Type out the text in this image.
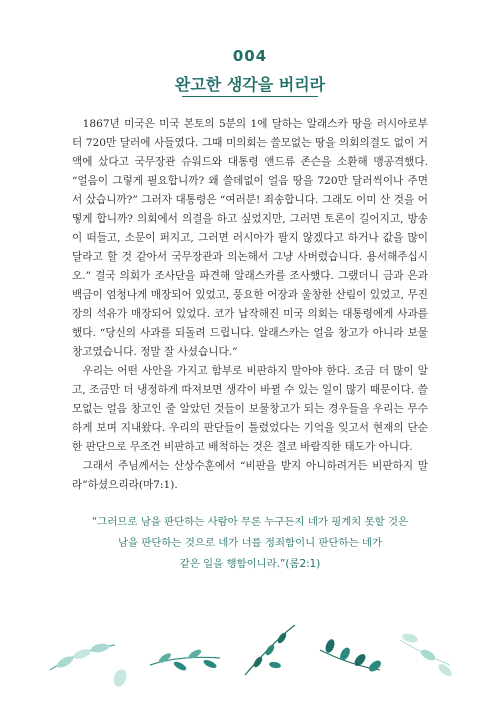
004
완고한 생각을 버리라

1867년 미국은 미국 본토의 5분의 1에 달하는 알래스카 땅을 러시아로부터 720만 달러에 사들였다. 그때 미의회는 쓸모없는 땅을 의회의결도 없이 거액에 샀다고 국무장관 슈워드와 대통령 앤드류 존슨을 소환해 맹공격했다. “얼음이 그렇게 필요합니까? 왜 쓸데없이 얼음 땅을 720만 달러씩이나 주면서 샀습니까?” 그러자 대통령은 “여러분! 죄송합니다. 그래도 이미 산 것을 어떻게 합니까? 의회에서 의결을 하고 싶었지만, 그러면 토론이 길어지고, 방송이 떠들고, 소문이 퍼지고, 그러면 러시아가 팔지 않겠다고 하거나 값을 많이 달라고 할 것 같아서 국무장관과 의논해서 그냥 사버렸습니다. 용서해주십시오.” 결국 의회가 조사단을 파견해 알래스카를 조사했다. 그랬더니 금과 은과 백금이 엄청나게 매장되어 있었고, 풍요한 어장과 울창한 산림이 있었고, 무진장의 석유가 매장되어 있었다. 코가 납작해진 미국 의회는 대통령에게 사과를 했다. “당신의 사과를 되돌려 드립니다. 알래스카는 얼음 창고가 아니라 보물창고였습니다. 정말 잘 사셨습니다.”

우리는 어떤 사안을 가지고 함부로 비판하지 말아야 한다. 조금 더 많이 알고, 조금만 더 냉정하게 따져보면 생각이 바뀔 수 있는 일이 많기 때문이다. 쓸모없는 얼음 창고인 줄 알았던 것들이 보물창고가 되는 경우들을 우리는 무수하게 보며 지내왔다. 우리의 판단들이 틀렸었다는 기억을 잊고서 현재의 단순한 판단으로 무조건 비판하고 배척하는 것은 결코 바람직한 태도가 아니다.

그래서 주님께서는 산상수훈에서 “비판을 받지 아니하려거든 비판하지 말라”하셨으리라(마7:1).

“그러므로 남을 판단하는 사람아 무론 누구든지 네가 핑계치 못할 것은
남을 판단하는 것으로 네가 너를 정죄함이니 판단하는 네가
같은 일을 행함이니라.”(롬2:1)
